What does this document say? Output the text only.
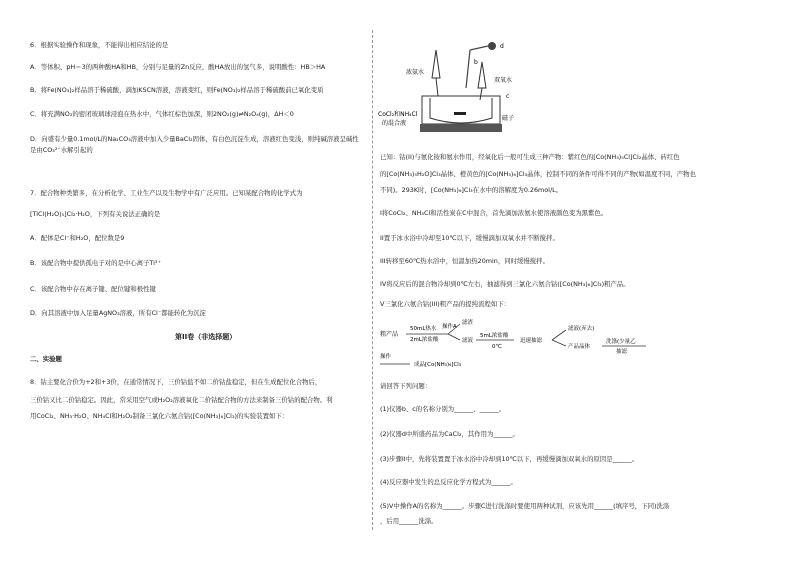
6．根据实验操作和现象，不能得出相应结论的是
A．等体积、pH＝3的两种酸HA和HB，分别与足量的Zn反应，酸HA放出的氢气多，说明酸性：HB＞HA
B．将Fe(NO₃)₂样品溶于稀硫酸，滴加KSCN溶液，溶液变红，则Fe(NO₃)₂样品溶于稀硫酸前已氧化变质
C．将充满NO₂的密闭玻璃球浸泡在热水中，气体红棕色加深，则2NO₂(g)⇌N₂O₄(g)，ΔH＜0
D．向盛有少量0.1mol/L的Na₂CO₃溶液中加入少量BaCl₂固体，有白色沉淀生成，溶液红色变浅，则纯碱溶液呈碱性
是由CO₃²⁻水解引起的
7．配合物种类繁多，在分析化学、工业生产以及生物学中有广泛应用。已知某配合物的化学式为
[TiCl(H₂O)₅]Cl₂·H₂O，下列有关说法正确的是
A．配体是Cl⁻和H₂O，配位数是9
B．该配合物中提供孤电子对的是中心离子Ti³⁺
C．该配合物中存在离子键、配位键和极性键
D．向其溶液中加入足量AgNO₃溶液，所有Cl⁻都能转化为沉淀
第II卷（非选择题）
二、实验题
8．钴主要化合价为+2和+3价，在通常情况下，三价钴盐不如二价钴盐稳定，但在生成配位化合物后，
三价钴又比二价钴稳定。因此，常采用空气或H₂O₂溶液氧化二价钴配合物的方法来制备三价钴的配合物。利
用CoCl₂、NH₃·H₂O、NH₄Cl和H₂O₂制备三氯化六氨合钴([Co(NH₃)₆]Cl₃)的实验装置如下：
d
b
浓氨水
双氧水
c
CoCl₂和NH₄Cl
的混合液
磁子
已知：钴(II)与氨化铵和氨水作用，经氧化后一般可生成三种产物：紫红色的[Co(NH₃)₅Cl]Cl₂晶体、砖红色
的[Co(NH₃)₅H₂O]Cl₃晶体、橙黄色的[Co(NH₃)₆]Cl₃晶体，控制不同的条件可得不同的产物(如温度不同，产物也
不同)。293K时，[Co(NH₃)₆]Cl₃在水中的溶解度为0.26mol/L。
I将CoCl₂、NH₄Cl和活性炭在C中混合，首先滴加浓氨水使溶液颜色变为黑紫色。
II置于冰水浴中冷却至10℃以下，缓慢滴加双氧水并不断搅拌。
III转移至60℃热水浴中，恒温加热20min，同时缓慢搅拌。
IV将反应后的混合物冷却到0℃左右，抽滤得到三氯化六氨合钴([Co(NH₃)₆]Cl₃)粗产品。
V三氯化六氨合钴(III)粗产品的提纯流程如下：
请回答下列问题：
(1)仪器b、c的名称分别为______、______。
(2)仪器d中所盛药品为CaCl₂，其作用为______。
(3)步骤II中，先将装置置于冰水浴中冷却到10℃以下，再缓慢滴加双氧水的原因是______。
(4)反应器中发生的总反应化学方程式为______。
(5)V中操作A的名称为______。步骤C进行洗涤时要使用两种试剂，应该先用______(填序号，下同)洗涤
，后用______洗涤。
粗产品
50mL热水
2mL浓盐酸
操作A
滤渣
滤液
5mL浓盐酸
0℃
迅速抽滤
滤液(弃去)
产品晶体
洗涤(少量乙
抽滤
操作
成品[Co(NH₃)₆]Cl₃
